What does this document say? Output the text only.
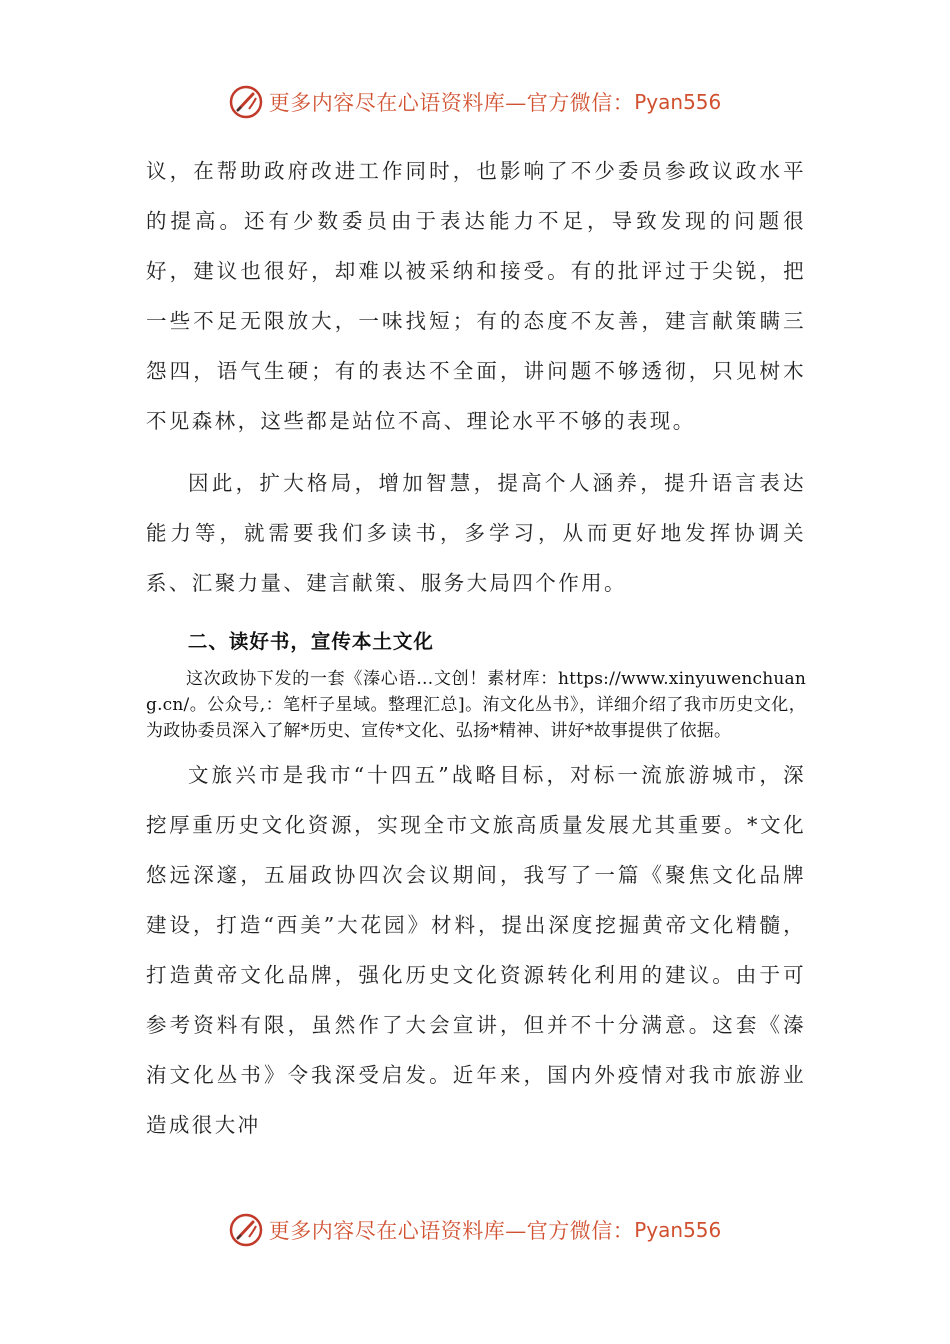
更多内容尽在心语资料库—官方微信： Pyan556

议，在帮助政府改进工作同时，也影响了不少委员参政议政水平的提高。还有少数委员由于表达能力不足，导致发现的问题很好，建议也很好，却难以被采纳和接受。有的批评过于尖锐，把一些不足无限放大，一味找短；有的态度不友善，建言献策瞒三怨四，语气生硬；有的表达不全面，讲问题不够透彻，只见树木不见森林，这些都是站位不高、理论水平不够的表现。

因此，扩大格局，增加智慧，提高个人涵养，提升语言表达能力等，就需要我们多读书，多学习，从而更好地发挥协调关系、汇聚力量、建言献策、服务大局四个作用。

二、读好书，宣传本土文化

这次政协下发的一套《溱心语…文创！素材库：https://www.xinyuwenchuang.cn/。公众号,：笔杆子星域。整理汇总]。洧文化丛书》，详细介绍了我市历史文化，为政协委员深入了解*历史、宣传*文化、弘扬*精神、讲好*故事提供了依据。

文旅兴市是我市“十四五”战略目标，对标一流旅游城市，深挖厚重历史文化资源，实现全市文旅高质量发展尤其重要。*文化悠远深邃，五届政协四次会议期间，我写了一篇《聚焦文化品牌建设，打造“西美”大花园》材料，提出深度挖掘黄帝文化精髓，打造黄帝文化品牌，强化历史文化资源转化利用的建议。由于可参考资料有限，虽然作了大会宣讲，但并不十分满意。这套《溱洧文化丛书》令我深受启发。近年来，国内外疫情对我市旅游业造成很大冲

更多内容尽在心语资料库—官方微信： Pyan556
